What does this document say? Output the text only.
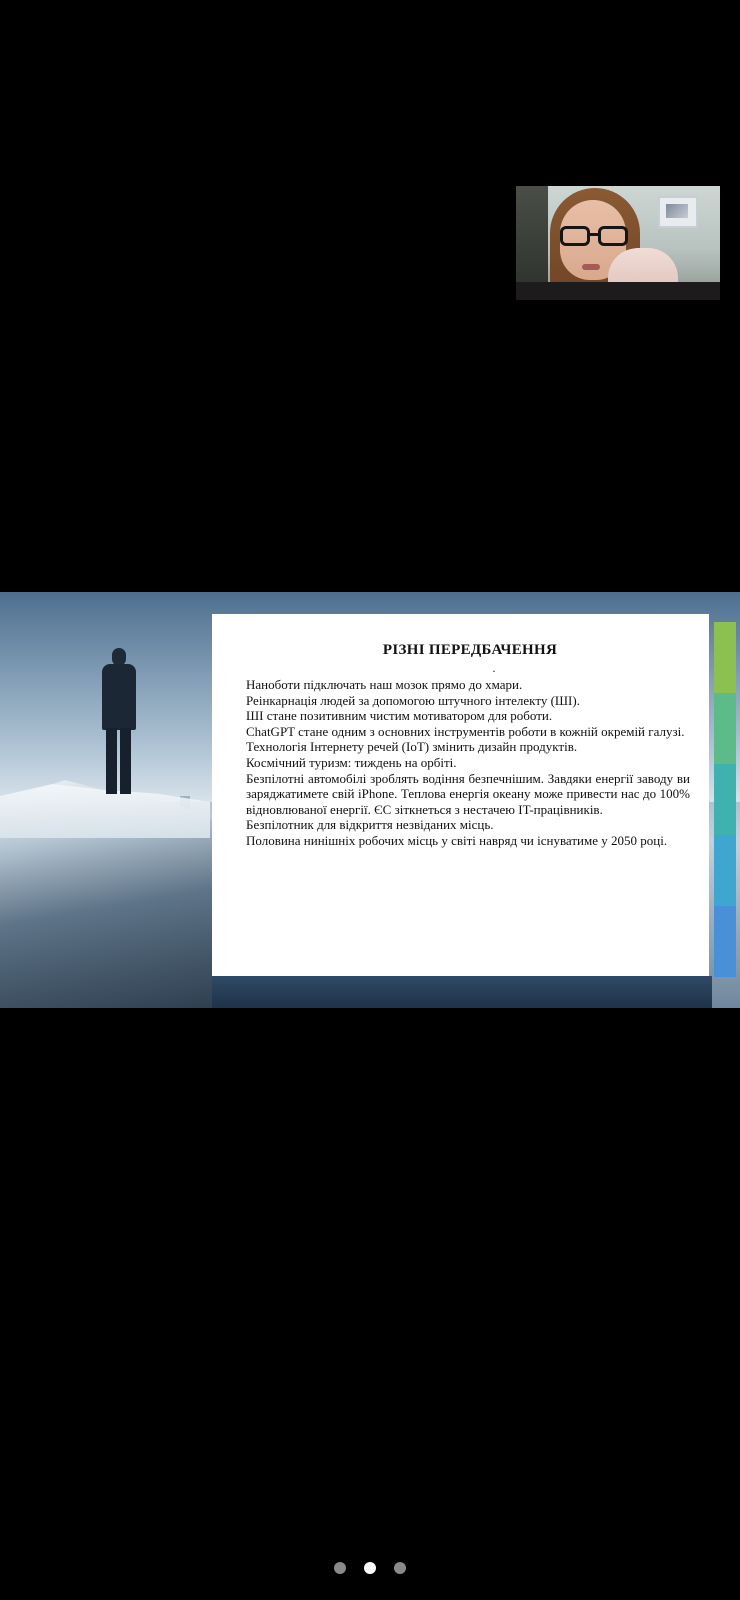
РІЗНІ ПЕРЕДБАЧЕННЯ
.
Наноботи підключать наш мозок прямо до хмари.
Реінкарнація людей за допомогою штучного інтелекту (ШІ).
ШІ стане позитивним чистим мотиватором для роботи.
ChatGPT стане одним з основних інструментів роботи в кожній окремій галузі.
Технологія Інтернету речей (IoT) змінить дизайн продуктів.
Космічний туризм: тиждень на орбіті.
Безпілотні автомобілі зроблять водіння безпечнішим. Завдяки енергії заводу ви заряджатимете свій iPhone. Теплова енергія океану може привести нас до 100% відновлюваної енергії. ЄС зіткнеться з нестачею IT-працівників.
Безпілотник для відкриття незвіданих місць.
Половина нинішніх робочих місць у світі навряд чи існуватиме у 2050 році.
